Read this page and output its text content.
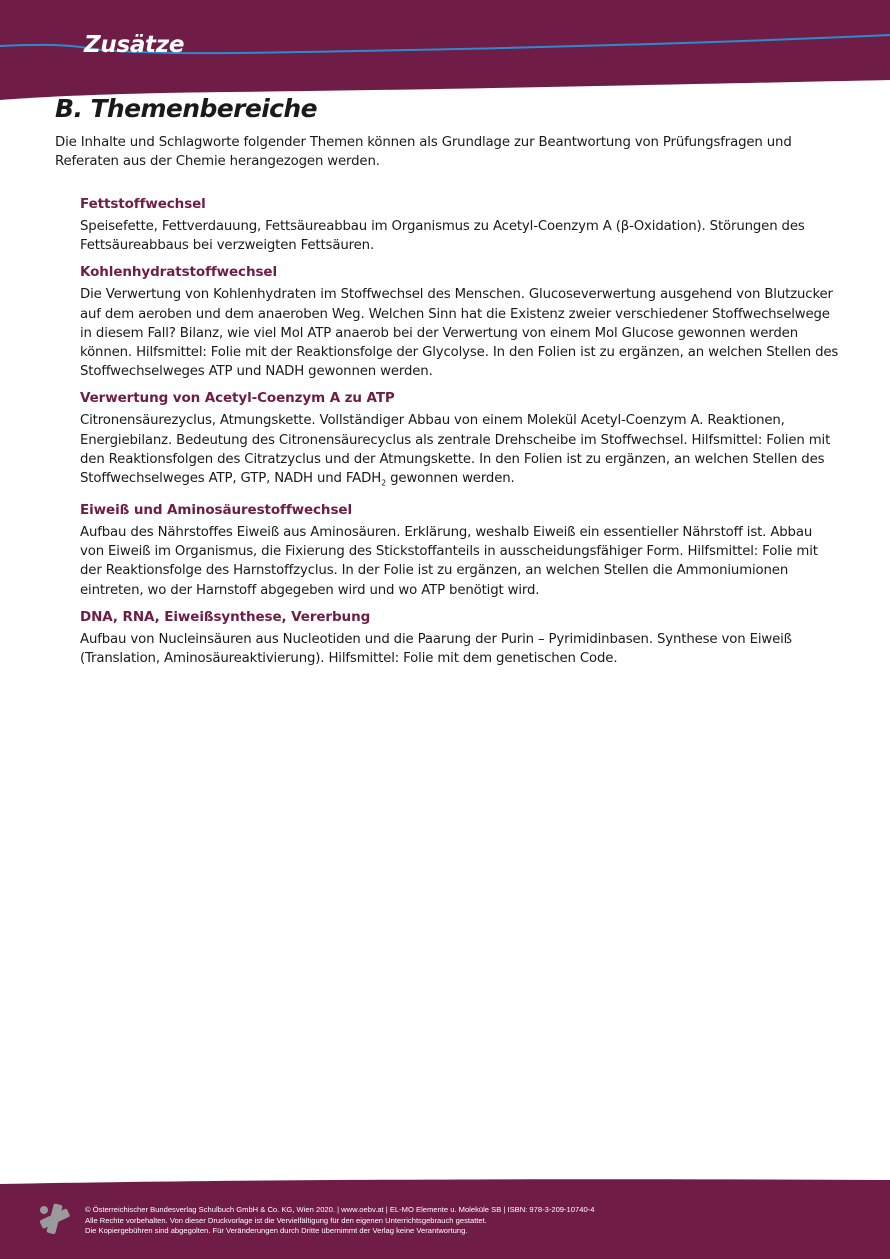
Zusätze
B. Themenbereiche

Die Inhalte und Schlagworte folgender Themen können als Grundlage zur Beantwortung von Prüfungsfragen und Referaten aus der Chemie herangezogen werden.

Fettstoffwechsel

Speisefette, Fettverdauung, Fettsäureabbau im Organismus zu Acetyl-Coenzym A (β-Oxidation). Störungen des Fettsäureabbaus bei verzweigten Fettsäuren.

Kohlenhydratstoffwechsel

Die Verwertung von Kohlenhydraten im Stoffwechsel des Menschen. Glucoseverwertung ausgehend von Blutzucker auf dem aeroben und dem anaeroben Weg. Welchen Sinn hat die Existenz zweier verschiedener Stoffwechselwege in diesem Fall? Bilanz, wie viel Mol ATP anaerob bei der Verwertung von einem Mol Glucose gewonnen werden können. Hilfsmittel: Folie mit der Reaktionsfolge der Glycolyse. In den Folien ist zu ergänzen, an welchen Stellen des Stoffwechselweges ATP und NADH gewonnen werden.

Verwertung von Acetyl-Coenzym A zu ATP

Citronensäurezyclus, Atmungskette. Vollständiger Abbau von einem Molekül Acetyl-Coenzym A. Reaktionen, Energiebilanz. Bedeutung des Citronensäurecyclus als zentrale Drehscheibe im Stoffwechsel. Hilfsmittel: Folien mit den Reaktionsfolgen des Citratzyclus und der Atmungskette. In den Folien ist zu ergänzen, an welchen Stellen des Stoffwechselweges ATP, GTP, NADH und $FADH_2$ gewonnen werden.

Eiweiß und Aminosäurestoffwechsel

Aufbau des Nährstoffes Eiweiß aus Aminosäuren. Erklärung, weshalb Eiweiß ein essentieller Nährstoff ist. Abbau von Eiweiß im Organismus, die Fixierung des Stickstoffanteils in ausscheidungsfähiger Form. Hilfsmittel: Folie mit der Reaktionsfolge des Harnstoffzyclus. In der Folie ist zu ergänzen, an welchen Stellen die Ammoniumionen eintreten, wo der Harnstoff abgegeben wird und wo ATP benötigt wird.

DNA, RNA, Eiweißsynthese, Vererbung

Aufbau von Nucleinsäuren aus Nucleotiden und die Paarung der Purin – Pyrimidinbasen. Synthese von Eiweiß (Translation, Aminosäureaktivierung). Hilfsmittel: Folie mit dem genetischen Code.

© Österreichischer Bundesverlag Schulbuch GmbH & Co. KG, Wien 2020. | www.oebv.at | EL-MO Elemente u. Moleküle SB | ISBN: 978-3-209-10740-4
Alle Rechte vorbehalten. Von dieser Druckvorlage ist die Vervielfältigung für den eigenen Unterrichtsgebrauch gestattet.
Die Kopiergebühren sind abgegolten. Für Veränderungen durch Dritte übernimmt der Verlag keine Verantwortung.
